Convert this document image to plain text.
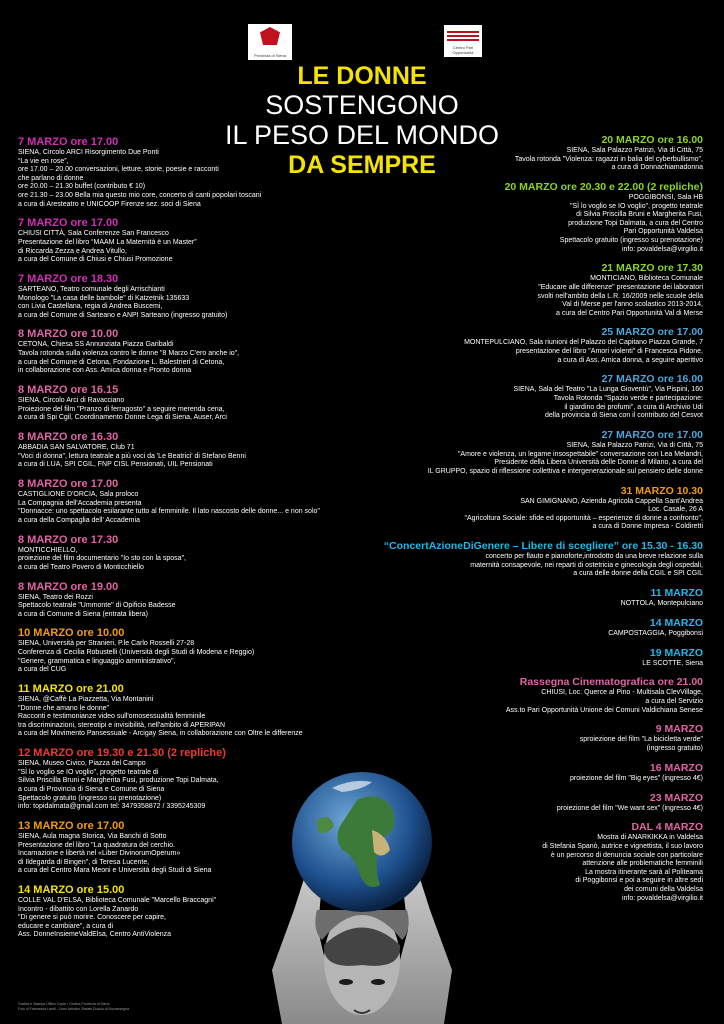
Provincia di Siena
Centro Pari Opportunità
LE DONNE
SOSTENGONO
IL PESO DEL MONDO
DA SEMPRE
7 MARZO ore 17.00
SIENA, Circolo ARCI Risorgimento Due Ponti
“La vie en rose”,
ore 17.00 – 20.00 conversazioni, letture, storie, poesie e racconti
che parlano di donne
ore 20.00 – 21.30 buffet (contributo € 10)
ore 21.30 – 23.00 Bella mia questo mio core, concerto di canti popolari toscani
a cura di Aresteatro e UNICOOP Firenze sez. soci di Siena
7 MARZO ore 17.00
CHIUSI CITTÀ, Sala Conferenze San Francesco
Presentazione del libro “MAAM La Maternità è un Master”
di Riccarda Zezza e Andrea Vitullo,
a cura del Comune di Chiusi e Chiusi Promozione
7 MARZO ore 18.30
SARTEANO, Teatro comunale degli Arrischianti
Monologo "La casa delle bambole" di Katzetnik 135633
con Livia Castellana, regia di Andrea Buscemi,
a cura del Comune di Sarteano e ANPI Sarteano (ingresso gratuito)
8 MARZO ore 10.00
CETONA, Chiesa SS Annunziata Piazza Garibaldi
Tavola rotonda sulla violenza contro le donne "8 Marzo C'ero anche io",
a cura del Comune di Cetona, Fondazione L. Balestrieri di Cetona,
in collaborazione con Ass. Amica donna e Pronto donna
8 MARZO ore 16.15
SIENA, Circolo Arci di Ravacciano
Proiezione del film "Pranzo di ferragosto" a seguire merenda cena,
a cura di Spi Cgil, Coordinamento Donne Lega di Siena, Auser, Arci
8 MARZO ore 16.30
ABBADIA SAN SALVATORE, Club 71
"Voci di donna", lettura teatrale a più voci da 'Le Beatrici' di Stefano Benni
a cura di LUA, SPI CGIL, FNP CISL Pensionati, UIL Pensionati
8 MARZO ore 17.00
CASTIGLIONE D'ORCIA, Sala proloco
La Compagnia dell'Accademia presenta
"Donnacce: uno spettacolo esilarante tutto al femminile. Il lato nascosto delle donne... e non solo"
a cura della Compaglia dell' Accademia
8 MARZO ore 17.30
MONTICCHIELLO,
proiezione del film documentario "Io sto con la sposa",
a cura del Teatro Povero di Monticchiello
8 MARZO ore 19.00
SIENA, Teatro dei Rozzi
Spettacolo teatrale "Ummonte" di Opificio Badesse
a cura di Comune di Siena (entrata libera)
10 MARZO ore 10.00
SIENA, Università per Stranieri, P.le Carlo Rosselli 27-28
Conferenza di Cecilia Robustelli (Università degli Studi di Modena e Reggio)
"Genere, grammatica e linguaggio amministrativo",
a cura del CUG
11 MARZO ore 21.00
SIENA, @Caffè La Piazzetta, Via Montanini
"Donne che amano le donne"
Racconti e testimonianze video sull'omosessualità femminile
tra discriminazioni, stereotipi e invisibilità, nell'ambito di APERIPAN
a cura del Movimento Pansessuale - Arcigay Siena, in collaborazione con Oltre le differenze
12 MARZO ore 19.30 e 21.30 (2 repliche)
SIENA, Museo Civico, Piazza del Campo
"SÌ lo voglio se IO voglio", progetto teatrale di
Silvia Priscilla Bruni e Margherita Fusi, produzione Topi Dalmata,
a cura di Provincia di Siena e Comune di Siena
Spettacolo gratuito (ingresso su prenotazione)
info: topidalmata@gmail.com tel: 3479358872 / 3395245309
13 MARZO ore 17.00
SIENA, Aula magna Storica, Via Banchi di Sotto
Presentazione del libro "La quadratura del cerchio.
Incarnazione e libertà nel «Liber DivinorumOperum»
di Ildegarda di Bingen", di Teresa Lucente,
a cura del Centro Mara Meoni e Università degli Studi di Siena
14 MARZO ore 15.00
COLLE VAL D'ELSA, Biblioteca Comunale "Marcello Braccagni"
Incontro - dibattito con Lorella Zanardo
"Di genere si può morire. Conoscere per capire,
educare e cambiare", a cura di
Ass. DonneInsiemeValdElsa, Centro AntiViolenza
20 MARZO ore 16.00
SIENA, Sala Palazzo Patrizi, Via di Città, 75
Tavola rotonda "Violenza: ragazzi in balia del cyberbullismo",
a cura di Donnachiamadonna
20 MARZO ore 20.30 e 22.00 (2 repliche)
POGGIBONSI, Sala HB
"SÌ lo voglio se IO voglio", progetto teatrale
di Silvia Priscilla Bruni e Margherita Fusi,
produzione Topi Dalmata, a cura del Centro
Pari Opportunità Valdelsa
Spettacolo gratuito (ingresso su prenotazione)
info: povaldelsa@virgilio.it
21 MARZO ore 17.30
MONTICIANO, Biblioteca Comunale
"Educare alle differenze" presentazione dei laboratori
svolti nell'ambito della L.R. 16/2009 nelle scuole della
Val di Merse per l'anno scolastico 2013-2014,
a cura del Centro Pari Opportunità Val di Merse
25 MARZO ore 17.00
MONTEPULCIANO, Sala riunioni del Palazzo del Capitano Piazza Grande, 7
presentazione del libro "Amori violenti" di Francesca Pidone,
a cura di Ass. Amica donna, a seguire aperitivo
27 MARZO ore 16.00
SIENA, Sala del Teatro "La Lunga Gioventù", Via Pispini, 160
Tavola Rotonda "Spazio verde e partecipazione:
il giardino dei profumi", a cura di Archivio Udi
della provincia di Siena con il contributo del Cesvot
27 MARZO ore 17.00
SIENA, Sala Palazzo Patrizi, Via di Città, 75
"Amore e violenza, un legame insospettabile" conversazione con Lea Melandri,
Presidente della Libera Università delle Donne di Milano, a cura del
IL GRUPPO, spazio di riflessione collettiva e intergenerazionale sul pensiero delle donne
31 MARZO 10.30
SAN GIMIGNANO, Azienda Agricola Cappella Sant'Andrea
Loc. Casale, 26 A
"Agricoltura Sociale: sfide ed opportunità – esperienze di donne a confronto",
a cura di Donne Impresa - Coldiretti
“ConcertAzioneDiGenere – Libere di scegliere” ore 15.30 - 16.30
concerto per flauto e pianoforte,introdotto da una breve relazione sulla
maternità consapevole, nei reparti di ostetricia e ginecologia degli ospedali,
a cura delle donne della CGIL e SPI CGIL
11 MARZO
NOTTOLA, Montepulciano
14 MARZO
CAMPOSTAGGIA, Poggibonsi
19 MARZO
LE SCOTTE, Siena
Rassegna Cinematografica ore 21.00
CHIUSI, Loc. Querce al Pino - Multisala ClevVillage,
a cura del Servizio
Ass.to Pari Opportunità Unione dei Comuni Valdichiana Senese
9 MARZO
sproiezione del film "La bicicletta verde"
(ingresso gratuito)
16 MARZO
proiezione del film "Big eyes" (ingresso 4€)
23 MARZO
proiezione del film "We want sex" (ingresso 4€)
DAL 4 MARZO
Mostra di ANARKIKKA in Valdelsa
di Stefania Spanò, autrice e vignettista, il suo lavoro
è un percorso di denuncia sociale con particolare
attenzione alle problematiche femminili
La mostra itinerante sarà al Politeama
di Poggibonsi e poi a seguire in altre sedi
dei comuni della Valdelsa
info: povaldelsa@virgilio.it
Grafica e Stampa Ufficio Copie • Grafica Provincia di Siena
Foto di Francesca Landi - Liceo Artistico Statale Duccio di Buoninsegna
